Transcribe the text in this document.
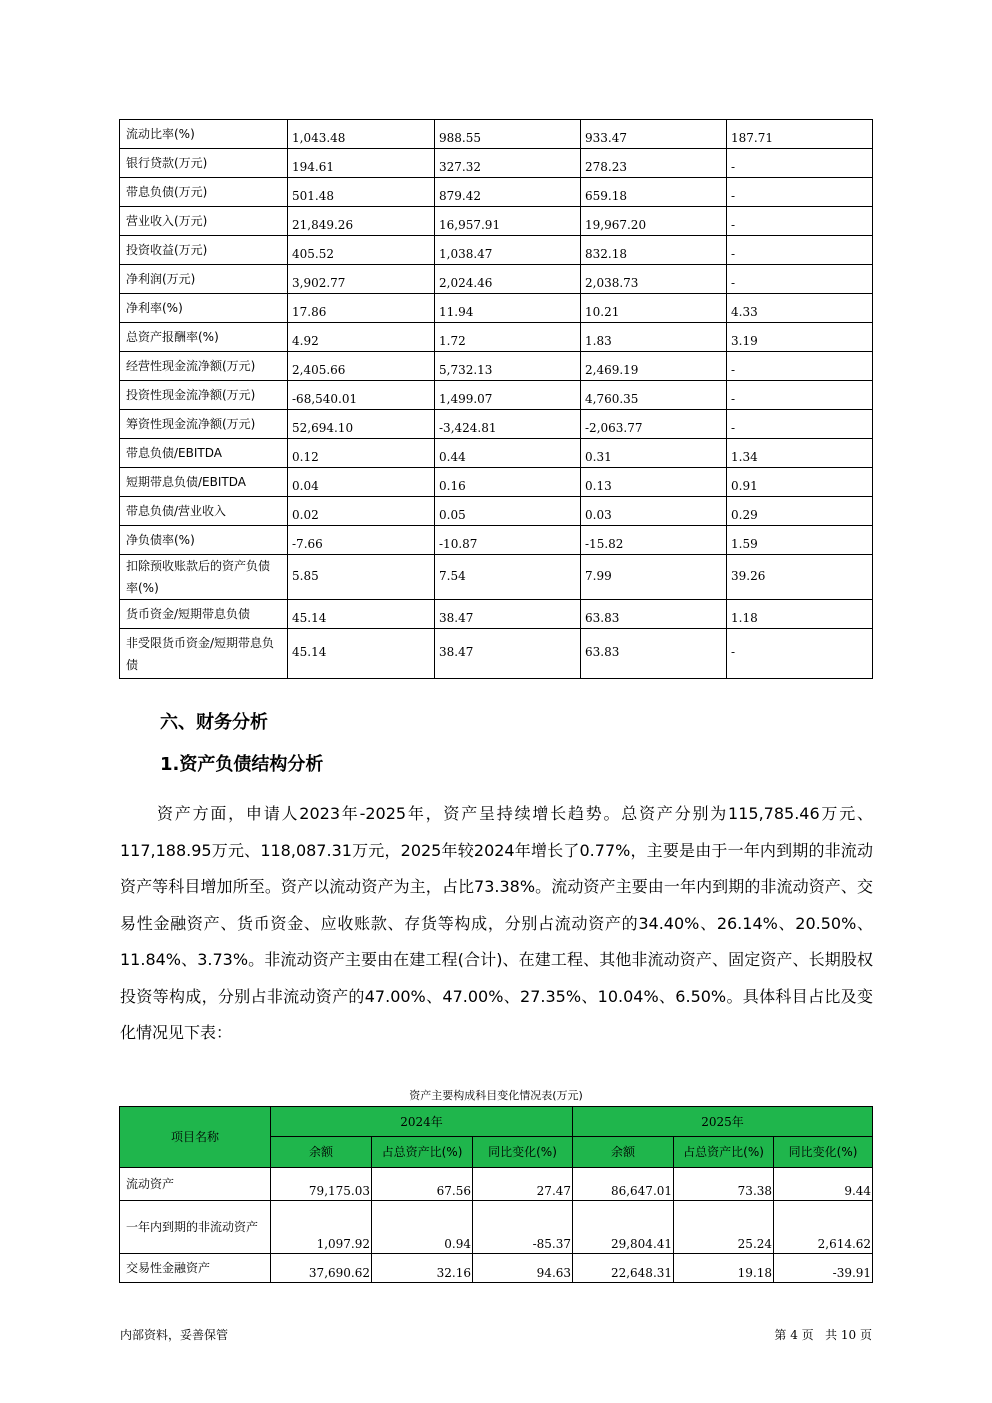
流动比率(%)	1,043.48	988.55	933.47	187.71
银行贷款(万元)	194.61	327.32	278.23	-
带息负债(万元)	501.48	879.42	659.18	-
营业收入(万元)	21,849.26	16,957.91	19,967.20	-
投资收益(万元)	405.52	1,038.47	832.18	-
净利润(万元)	3,902.77	2,024.46	2,038.73	-
净利率(%)	17.86	11.94	10.21	4.33
总资产报酬率(%)	4.92	1.72	1.83	3.19
经营性现金流净额(万元)	2,405.66	5,732.13	2,469.19	-
投资性现金流净额(万元)	-68,540.01	1,499.07	4,760.35	-
筹资性现金流净额(万元)	52,694.10	-3,424.81	-2,063.77	-
带息负债/EBITDA	0.12	0.44	0.31	1.34
短期带息负债/EBITDA	0.04	0.16	0.13	0.91
带息负债/营业收入	0.02	0.05	0.03	0.29
净负债率(%)	-7.66	-10.87	-15.82	1.59
扣除预收账款后的资产负债率(%)	5.85	7.54	7.99	39.26
货币资金/短期带息负债	45.14	38.47	63.83	1.18
非受限货币资金/短期带息负债	45.14	38.47	63.83	-
六、财务分析
1.资产负债结构分析

资产方面，申请人2023年-2025年，资产呈持续增长趋势。总资产分别为115,785.46万元、117,188.95万元、118,087.31万元，2025年较2024年增长了0.77%，主要是由于一年内到期的非流动资产等科目增加所至。资产以流动资产为主，占比73.38%。流动资产主要由一年内到期的非流动资产、交易性金融资产、货币资金、应收账款、存货等构成，分别占流动资产的34.40%、26.14%、20.50%、11.84%、3.73%。非流动资产主要由在建工程(合计)、在建工程、其他非流动资产、固定资产、长期股权投资等构成，分别占非流动资产的47.00%、47.00%、27.35%、10.04%、6.50%。具体科目占比及变化情况见下表：

资产主要构成科目变化情况表(万元)
项目名称	2024年			2025年		
	余额	占总资产比(%)	同比变化(%)	余额	占总资产比(%)	同比变化(%)
流动资产	79,175.03	67.56	27.47	86,647.01	73.38	9.44
一年内到期的非流动资产	1,097.92	0.94	-85.37	29,804.41	25.24	2,614.62
交易性金融资产	37,690.62	32.16	94.63	22,648.31	19.18	-39.91
内部资料，妥善保管	第 4 页   共 10 页
